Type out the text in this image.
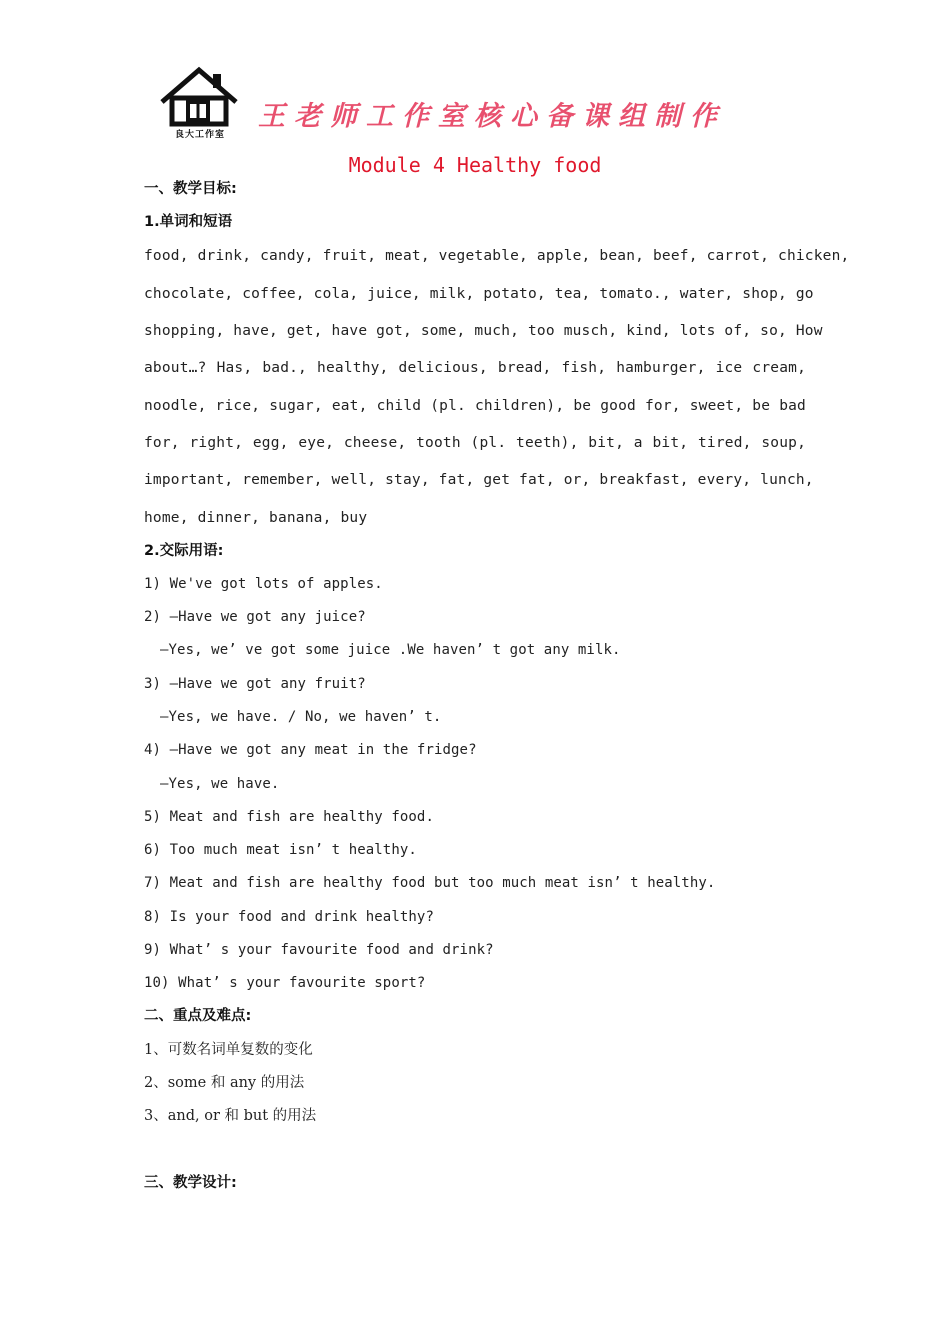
良大工作室
王老师工作室核心备课组制作
Module 4 Healthy food
一、教学目标:
1.单词和短语
food, drink, candy, fruit, meat, vegetable, apple, bean, beef, carrot, chicken,
chocolate, coffee, cola, juice, milk, potato, tea, tomato., water, shop, go
shopping, have, get, have got, some, much, too musch, kind, lots of, so, How
about…? Has, bad., healthy, delicious, bread, fish, hamburger, ice cream,
noodle, rice, sugar, eat, child (pl. children), be good for, sweet, be bad
for, right, egg, eye, cheese, tooth (pl. teeth), bit, a bit, tired, soup,
important, remember, well, stay, fat, get fat, or, breakfast, every, lunch,
home, dinner, banana, buy
2.交际用语:
1) We've got lots of apples.
2) —Have we got any juice?
—Yes, we’ ve got some juice .We haven’ t got any milk.
3) —Have we got any fruit?
—Yes, we have. / No, we haven’ t.
4) —Have we got any meat in the fridge?
—Yes, we have.
5) Meat and fish are healthy food.
6) Too much meat isn’ t healthy.
7) Meat and fish are healthy food but too much meat isn’ t healthy.
8) Is your food and drink healthy?
9) What’ s your favourite food and drink?
10) What’ s your favourite sport?
二、重点及难点:
1、可数名词单复数的变化
2、some 和 any 的用法
3、and, or 和 but 的用法
三、教学设计:
